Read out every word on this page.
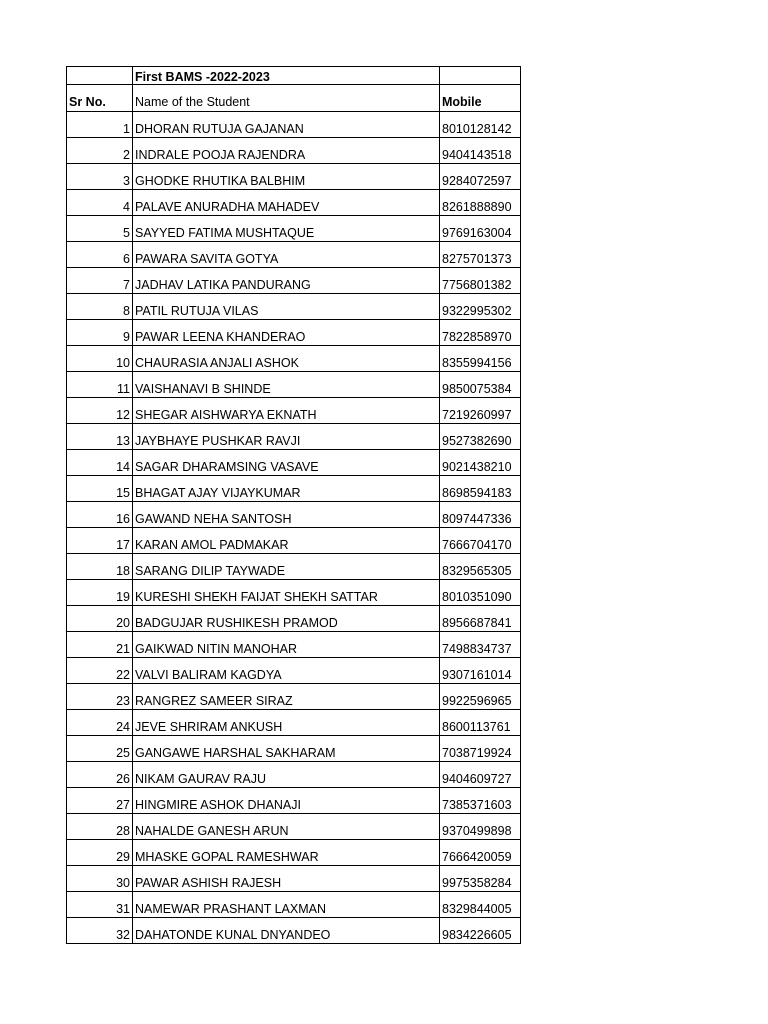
	First BAMS -2022-2023	
Sr No.	Name of the Student	Mobile
1	DHORAN RUTUJA GAJANAN	8010128142
2	INDRALE POOJA RAJENDRA	9404143518
3	GHODKE RHUTIKA BALBHIM	9284072597
4	PALAVE ANURADHA MAHADEV	8261888890
5	SAYYED FATIMA MUSHTAQUE	9769163004
6	PAWARA SAVITA GOTYA	8275701373
7	JADHAV LATIKA PANDURANG	7756801382
8	PATIL RUTUJA VILAS	9322995302
9	PAWAR LEENA KHANDERAO	7822858970
10	CHAURASIA ANJALI ASHOK	8355994156
11	VAISHANAVI B SHINDE	9850075384
12	SHEGAR AISHWARYA EKNATH	7219260997
13	JAYBHAYE PUSHKAR RAVJI	9527382690
14	SAGAR DHARAMSING VASAVE	9021438210
15	BHAGAT AJAY VIJAYKUMAR	8698594183
16	GAWAND NEHA SANTOSH	8097447336
17	KARAN AMOL PADMAKAR	7666704170
18	SARANG DILIP TAYWADE	8329565305
19	KURESHI SHEKH FAIJAT SHEKH SATTAR	8010351090
20	BADGUJAR RUSHIKESH PRAMOD	8956687841
21	GAIKWAD NITIN MANOHAR	7498834737
22	VALVI BALIRAM KAGDYA	9307161014
23	RANGREZ SAMEER SIRAZ	9922596965
24	JEVE SHRIRAM ANKUSH	8600113761
25	GANGAWE HARSHAL SAKHARAM	7038719924
26	NIKAM GAURAV RAJU	9404609727
27	HINGMIRE ASHOK DHANAJI	7385371603
28	NAHALDE GANESH ARUN	9370499898
29	MHASKE GOPAL RAMESHWAR	7666420059
30	PAWAR ASHISH RAJESH	9975358284
31	NAMEWAR PRASHANT LAXMAN	8329844005
32	DAHATONDE KUNAL DNYANDEO	9834226605
